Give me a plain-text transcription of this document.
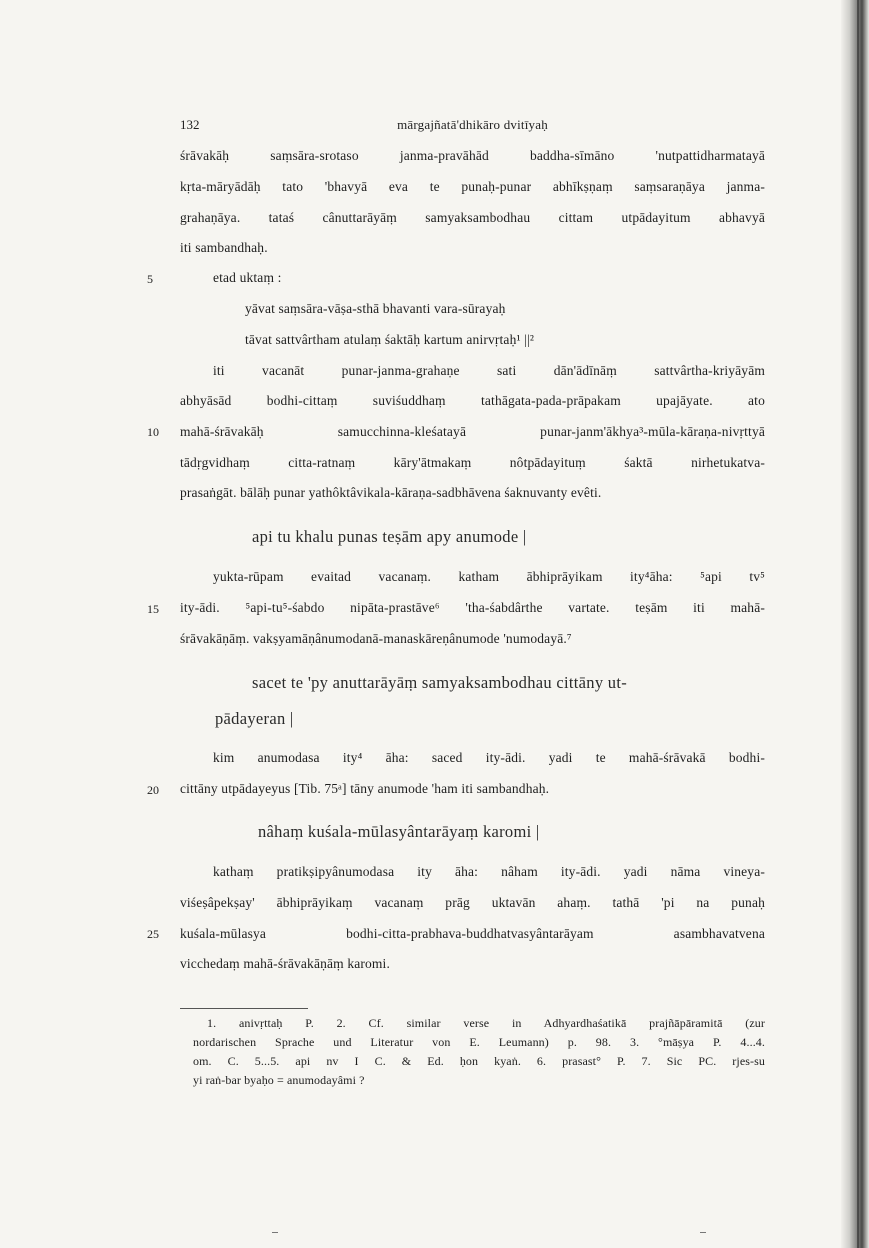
132	mārgajñatā'dhikāro dvitīyaḥ
śrāvakāḥ saṃsāra-srotaso janma-pravāhād baddha-sīmāno 'nutpattidharmatayā
kṛta-māryādāḥ tato 'bhavyā eva te punaḥ-punar abhīkṣṇaṃ saṃsaraṇāya janma-
grahaṇāya. tataś cânuttarāyāṃ samyaksambodhau cittam utpādayitum abhavyā
iti sambandhaḥ.
5	etad uktaṃ :
yāvat saṃsāra-vāṣa-sthā bhavanti vara-sūrayaḥ
tāvat sattvârtham atulaṃ śaktāḥ kartum anirvṛtaḥ¹ ||²
iti vacanāt punar-janma-grahaṇe sati dān'ādīnāṃ sattvârtha-kriyāyām
abhyāsād bodhi-cittaṃ suviśuddhaṃ tathāgata-pada-prāpakam upajāyate. ato
10	mahā-śrāvakāḥ samucchinna-kleśatayā punar-janm'ākhya³-mūla-kāraṇa-nivṛttyā
tādṛgvidhaṃ citta-ratnaṃ kāry'ātmakaṃ nôtpādayituṃ śaktā nirhetukatva-
prasaṅgāt. bālāḥ punar yathôktâvikala-kāraṇa-sadbhāvena śaknuvanty evêti.
api tu khalu punas teṣām apy anumode |
yukta-rūpam evaitad vacanaṃ. katham ābhiprāyikam ity⁴āha: ⁵api tv⁵
15	ity-ādi. ⁵api-tu⁵-śabdo nipāta-prastāve⁶ 'tha-śabdârthe vartate. teṣām iti mahā-
śrāvakāṇāṃ. vakṣyamāṇânumodanā-manaskāreṇânumode 'numodayā.⁷
sacet te 'py anuttarāyāṃ samyaksambodhau cittāny ut-
pādayeran |
kim anumodasa ity⁴ āha: saced ity-ādi. yadi te mahā-śrāvakā bodhi-
20	cittāny utpādayeyus [Tib. 75ᵃ] tāny anumode 'ham iti sambandhaḥ.
nâhaṃ kuśala-mūlasyântarāyaṃ karomi |
kathaṃ pratikṣipyânumodasa ity āha: nâham ity-ādi. yadi nāma vineya-
viśeṣâpekṣay' ābhiprāyikaṃ vacanaṃ prāg uktavān ahaṃ. tathā 'pi na punaḥ
25	kuśala-mūlasya bodhi-citta-prabhava-buddhatvasyântarāyam asambhavatvena
vicchedaṃ mahā-śrāvakāṇāṃ karomi.
1. anivṛttaḥ P. 2. Cf. similar verse in Adhyardhaśatikā prajñāpāramitā (zur
nordarischen Sprache und Literatur von E. Leumann) p. 98. 3. °māṣya P. 4...4.
om. C. 5...5. api nv I C. & Ed. ḥon kyaṅ. 6. prasast° P. 7. Sic PC. rjes-su
yi raṅ-bar byaḥo = anumodayâmi ?
